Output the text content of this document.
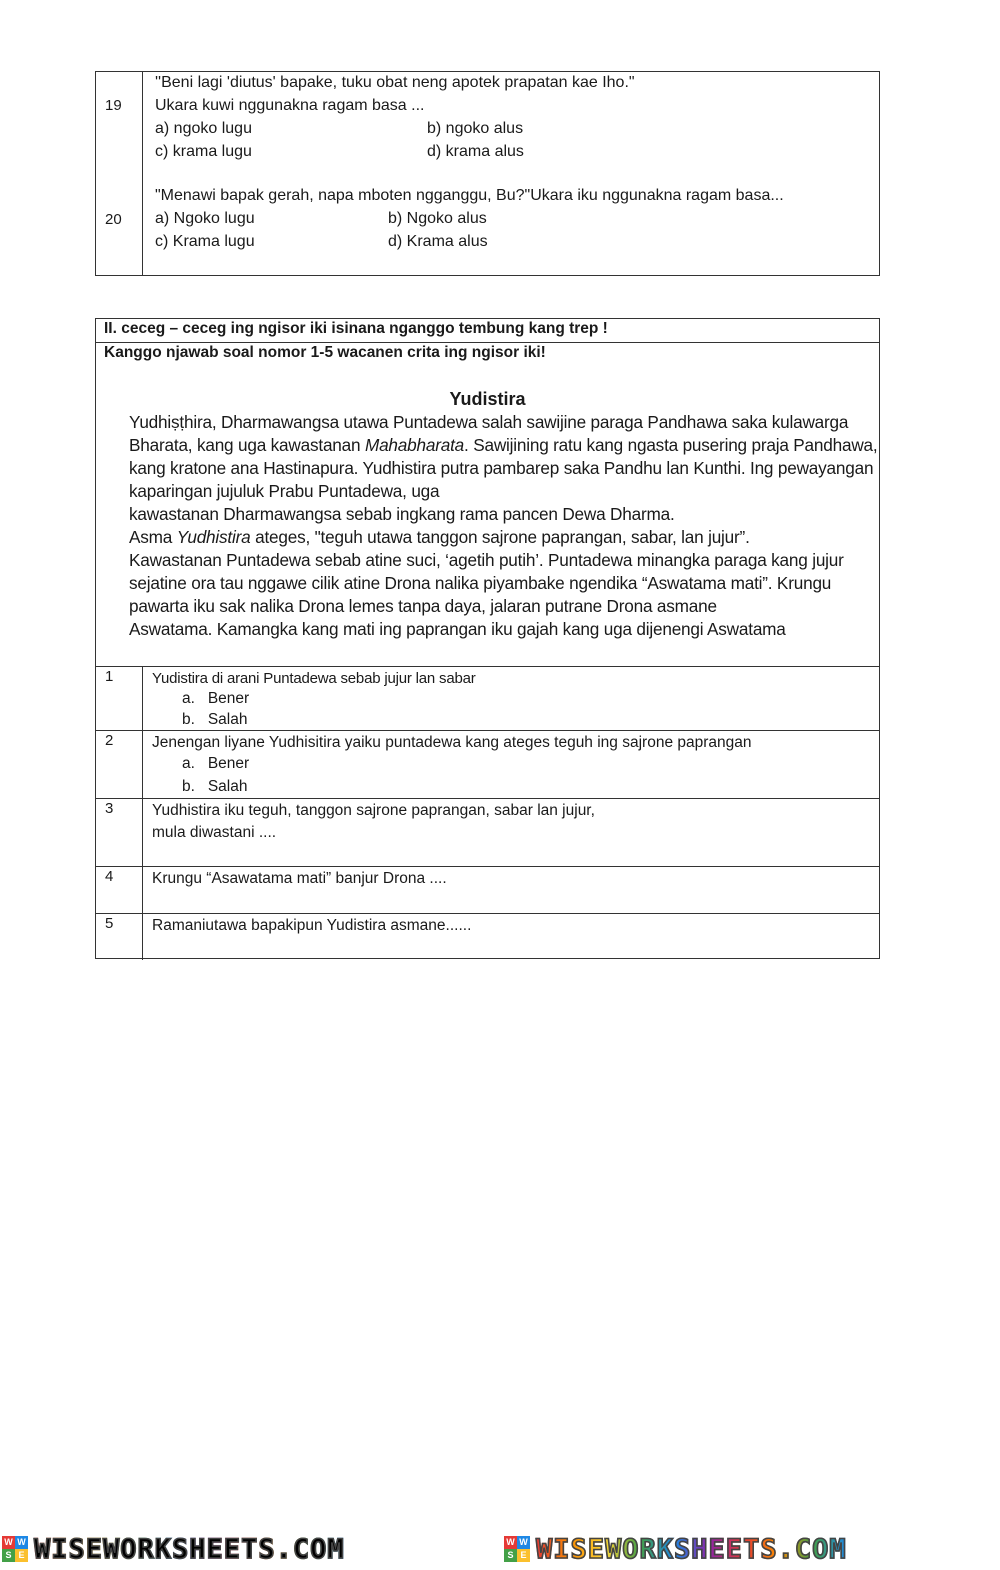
19
''Beni lagi 'diutus' bapake, tuku obat neng apotek prapatan kae Iho."
Ukara kuwi nggunakna ragam basa ...
a) ngoko lugu	b) ngoko alus
c) krama lugu	d) krama alus
20
"Menawi bapak gerah, napa mboten ngganggu, Bu?"Ukara iku nggunakna ragam basa...
a) Ngoko lugu	b) Ngoko alus
c) Krama lugu	d) Krama alus
II. ceceg – ceceg ing ngisor iki isinana nganggo tembung kang trep !
Kanggo njawab soal nomor 1-5 wacanen crita ing ngisor iki!
Yudistira

Yudhiṣṭhira, Dharmawangsa utawa Puntadewa salah sawijine paraga Pandhawa saka kulawarga

Bharata, kang uga kawastanan Mahabharata. Sawijining ratu kang ngasta pusering praja Pandhawa,

kang kratone ana Hastinapura. Yudhistira putra pambarep saka Pandhu lan Kunthi. Ing pewayangan

kaparingan jujuluk Prabu Puntadewa, uga

kawastanan Dharmawangsa sebab ingkang rama pancen Dewa Dharma.

Asma Yudhistira ateges, "teguh utawa tanggon sajrone paprangan, sabar, lan jujur”.

Kawastanan Puntadewa sebab atine suci, ‘agetih putih’. Puntadewa minangka paraga kang jujur

sejatine ora tau nggawe cilik atine Drona nalika piyambake ngendika “Aswatama mati”. Krungu

pawarta iku sak nalika Drona lemes tanpa daya, jalaran putrane Drona asmane

Aswatama. Kamangka kang mati ing paprangan iku gajah kang uga dijenengi Aswatama

1	Yudistira di arani Puntadewa sebab jujur lan sabar
a.   Bener
b.   Salah
2 Jenengan liyane Yudhisitira yaiku puntadewa kang ateges teguh ing sajrone paprangan
a.   Bener
b.   Salah
3 Yudhistira iku teguh, tanggon sajrone paprangan, sabar lan jujur,
mula diwastani ....
4 Krungu “Asawatama mati” banjur Drona ....
5 Ramaniutawa bapakipun Yudistira asmane......
W W
S E WISEWORKSHEETS.COM	W W
S E WISEWORKSHEETS.COM
